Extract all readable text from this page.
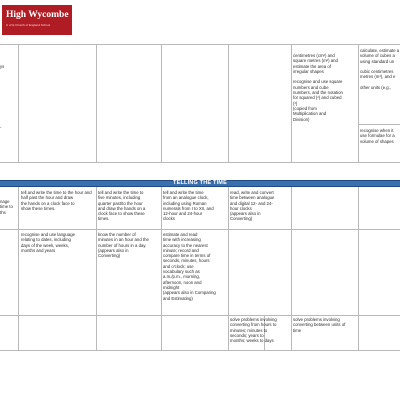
High Wycombe
C of E Church of England School
TELLING THE TIME
nage
time to
ths
ys
-
centimetres (cm²) and
square metres (m²) and
estimate the area of
irregular shapes

recognise and use square
numbers and cube
numbers, and the notation
for squared (²) and cubed
(³)
(copied from
Multiplication and
Division)
calculate, estimate a
volume of cubes a
using standard un

cubic centimetres
metres (m³), and e

other units (e.g.,
recognise when it
use formulae for a
volume of shapes
tell and write the time to the hour and
half past the hour and draw
the hands on a clock face to
show these times.
tell and write the time to
five minutes, including
quarter past/to the hour
and draw the hands on a
clock face to show these
times.
tell and write the time
from an analogue clock,
including using Roman
numerals from I to XII, and
12-hour and 24-hour
clocks
read, write and convert
time between analogue
and digital 12- and 24-
hour clocks
(appears also in
Converting)
recognise and use language
relating to dates, including
days of the week, weeks,
months and years
know the number of
minutes in an hour and the
number of hours in a day.
(appears also in
Converting)
estimate and read
time with increasing
accuracy to the nearest
minute; record and
compare time in terms of
seconds, minutes, hours
and o'clock; use
vocabulary such as
a.m./p.m., morning,
afternoon, noon and
midnight
(appears also in Comparing
and Estimating)
solve problems involving
converting from hours to
minutes; minutes to
seconds; years to
months; weeks to days
solve problems involving
converting between units of
time
